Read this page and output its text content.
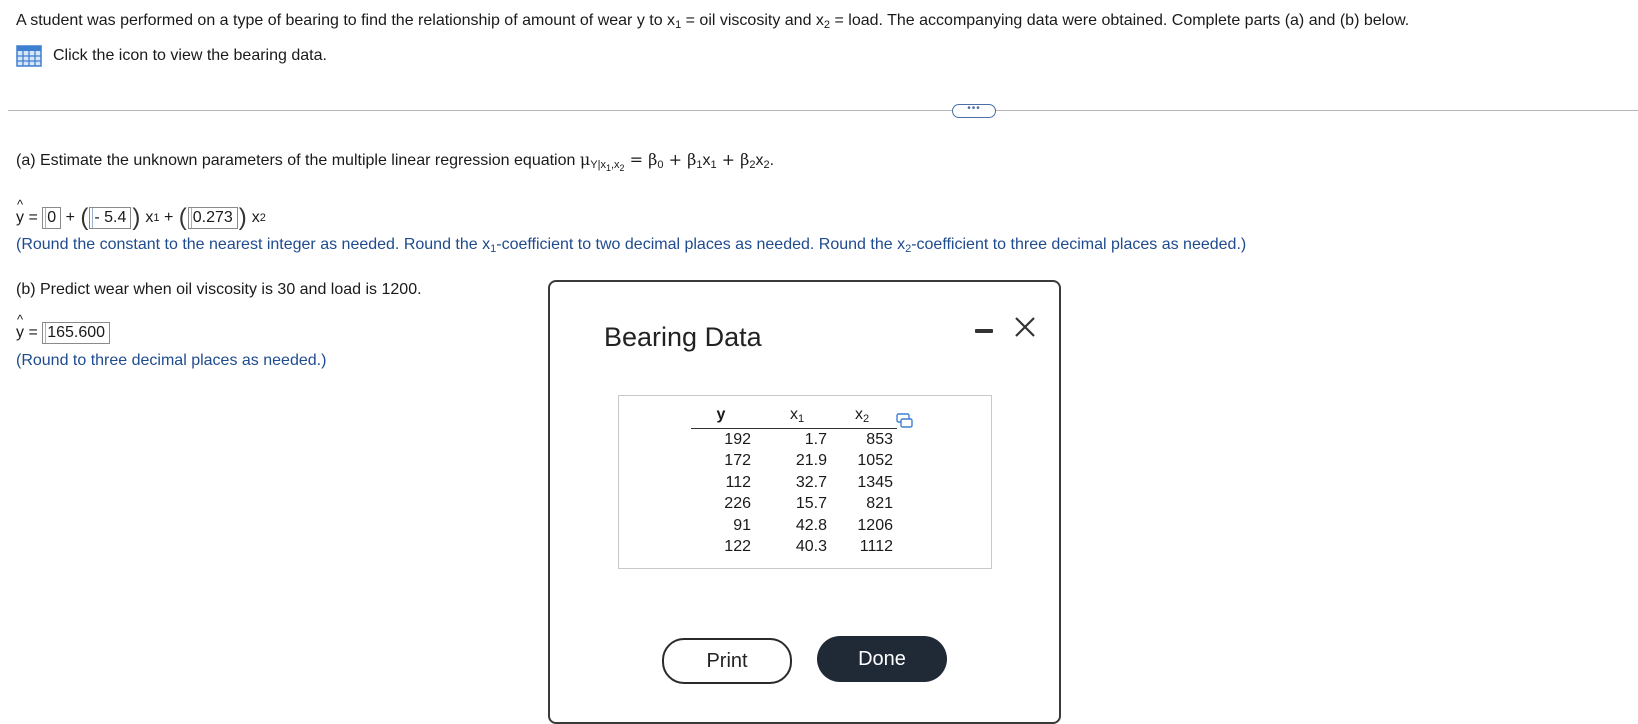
A student was performed on a type of bearing to find the relationship of amount of wear y to $x_1$ = oil viscosity and $x_2$ = load. The accompanying data were obtained. Complete parts (a) and (b) below.
Click the icon to view the bearing data.
•••
(a) Estimate the unknown parameters of the multiple linear regression equation $\mu_{Y|x_1,x_2} = \beta_0 + \beta_1x_1 + \beta_2x_2$.
^ y = 0 + ( - 5.4 ) x 1 + ( 0.273 ) x 2
(Round the constant to the nearest integer as needed. Round the $x_1$-coefficient to two decimal places as needed. Round the $x_2$-coefficient to three decimal places as needed.)
(b) Predict wear when oil viscosity is 30 and load is 1200.
^ y = 165.600
(Round to three decimal places as needed.)
Bearing Data
y	$x_1$	$x_2$
192	1.7	853
172	21.9	1052
112	32.7	1345
226	15.7	821
91	42.8	1206
122	40.3	1112
Print	Done
